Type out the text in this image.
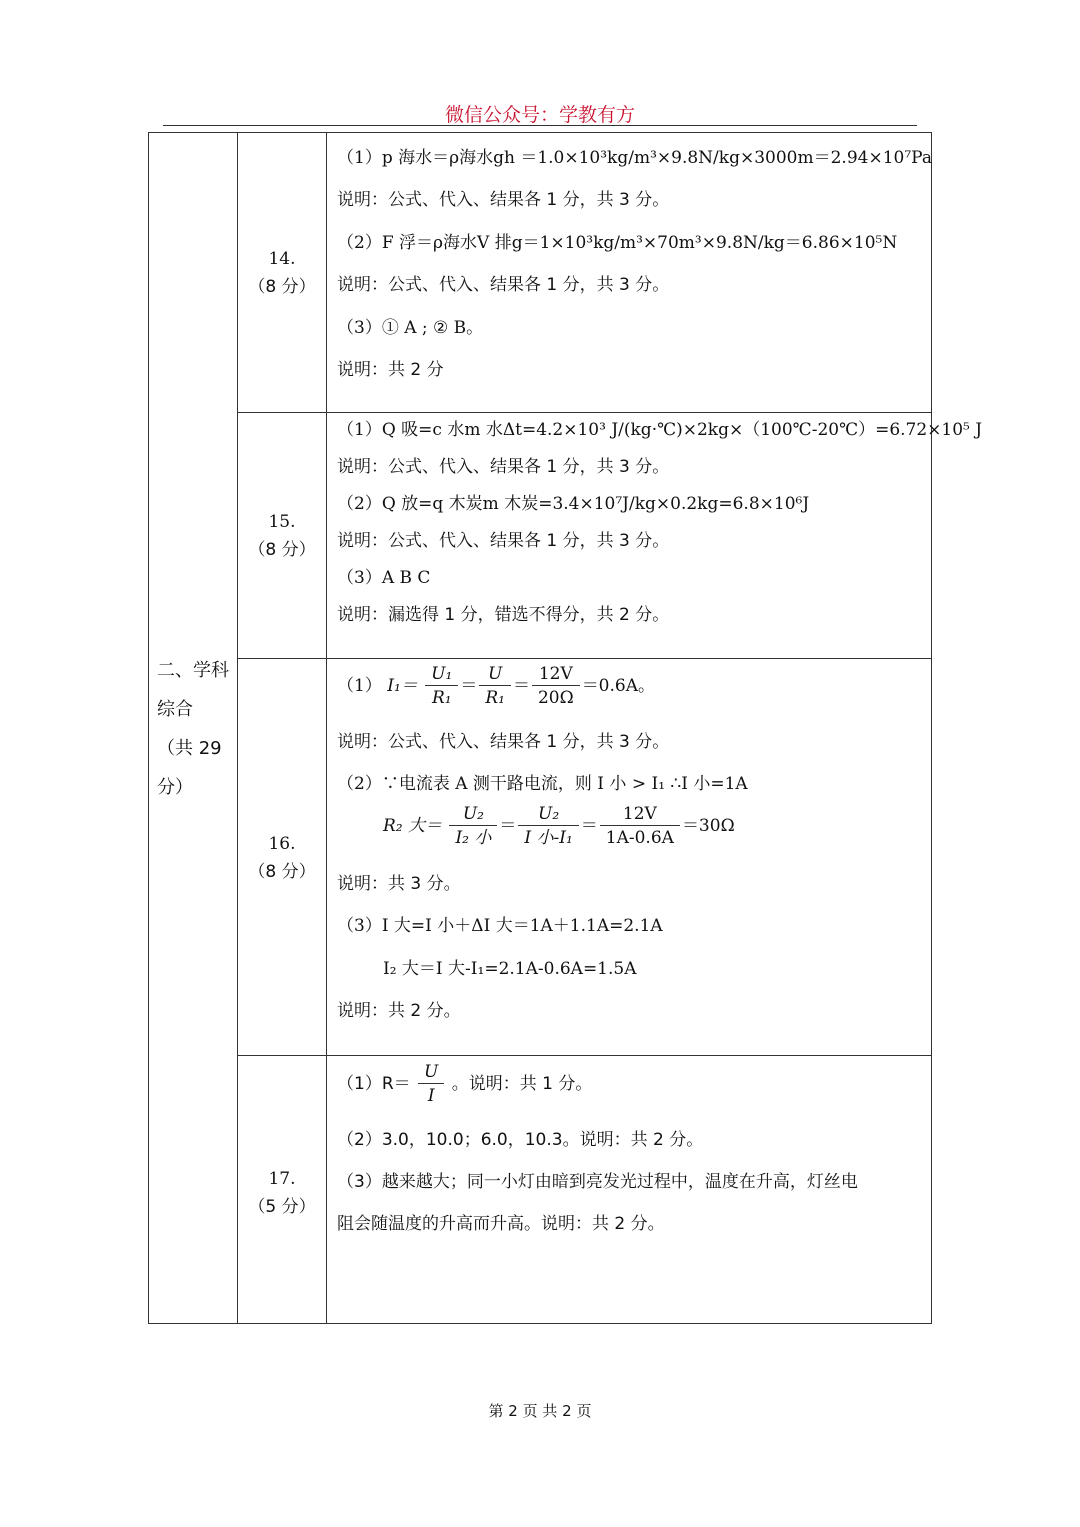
微信公众号：学教有方
二、学科
综合
（共 29
分）
14.
（8 分）
（1）p 海水＝ρ海水gh ＝1.0×10³kg/m³×9.8N/kg×3000m＝2.94×10⁷Pa
说明：公式、代入、结果各 1 分，共 3 分。
（2）F 浮＝ρ海水V 排g＝1×10³kg/m³×70m³×9.8N/kg＝6.86×10⁵N
说明：公式、代入、结果各 1 分，共 3 分。
（3）① A ; ② B。
说明：共 2 分
15.
（8 分）
（1）Q 吸=c 水m 水Δt=4.2×10³ J/(kg·℃)×2kg×（100℃-20℃）=6.72×10⁵ J
说明：公式、代入、结果各 1 分，共 3 分。
（2）Q 放=q 木炭m 木炭=3.4×10⁷J/kg×0.2kg=6.8×10⁶J
说明：公式、代入、结果各 1 分，共 3 分。
（3）A B C
说明：漏选得 1 分，错选不得分，共 2 分。
16.
（8 分）
（1） $I_1= \frac{\text{U₁}}{\text{R₁}} = \frac{U}{\text{R₁}} = \frac{12V}{20\Omega} =0.6A$。
说明：公式、代入、结果各 1 分，共 3 分。
（2）∵电流表 A 测干路电流，则 I 小 > I₁ ∴I 小=1A
R₂ 大＝ $\frac{\text{U₂}}{\text{I₂ 小}} = \frac{\text{U₂}}{\text{I 小-I₁}} = \frac{12V}{1A-0.6A} =30\Omega$
说明：共 3 分。
（3）I 大=I 小＋ΔI 大＝1A＋1.1A=2.1A
I₂ 大＝I 大-I₁=2.1A-0.6A=1.5A
说明：共 2 分。
17.
（5 分）
$(1)R= \frac{U}{I}$ 。说明：共 1 分。
（2）3.0，10.0；6.0，10.3。说明：共 2 分。
（3）越来越大；同一小灯由暗到亮发光过程中，温度在升高，灯丝电
阻会随温度的升高而升高。说明：共 2 分。
第 2 页 共 2 页
